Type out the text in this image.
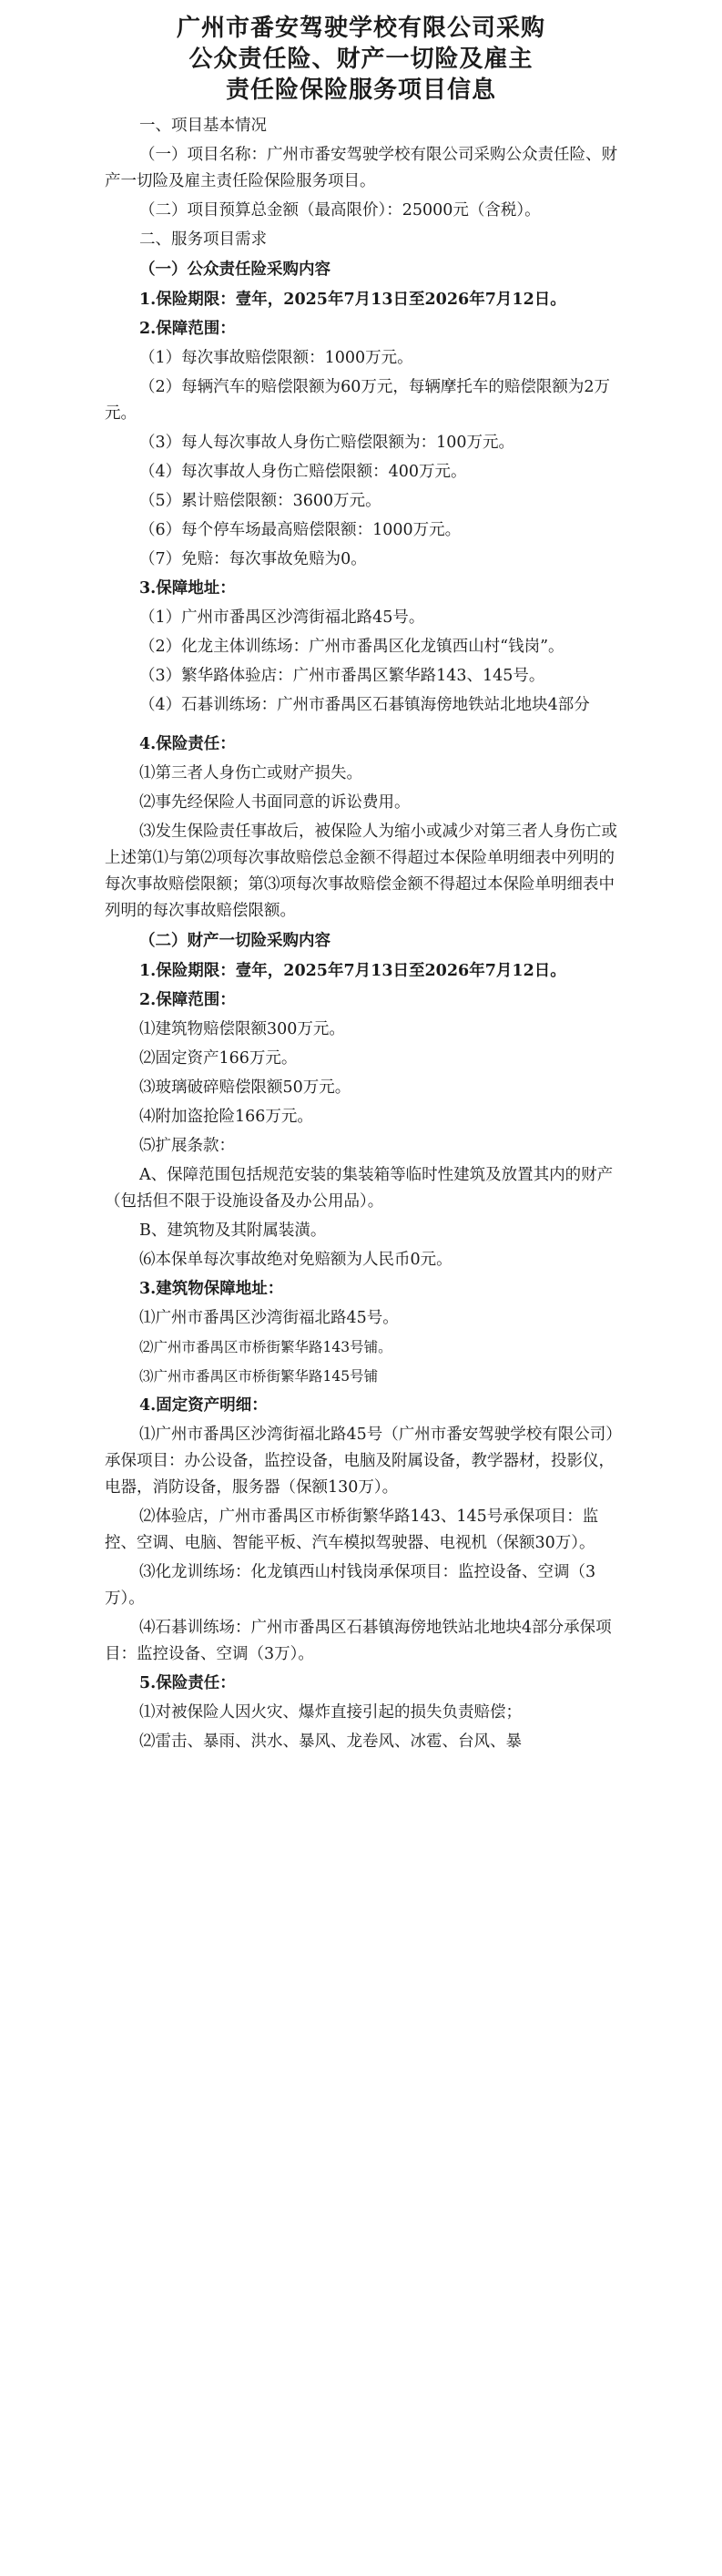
广州市番安驾驶学校有限公司采购
公众责任险、财产一切险及雇主
责任险保险服务项目信息
一、项目基本情况
（一）项目名称：广州市番安驾驶学校有限公司采购公众责任险、财产一切险及雇主责任险保险服务项目。
（二）项目预算总金额（最高限价）：25000元（含税）。
二、服务项目需求
（一）公众责任险采购内容
1.保险期限：壹年，2025年7月13日至2026年7月12日。
2.保障范围：
（1）每次事故赔偿限额：1000万元。
（2）每辆汽车的赔偿限额为60万元，每辆摩托车的赔偿限额为2万元。
（3）每人每次事故人身伤亡赔偿限额为：100万元。
（4）每次事故人身伤亡赔偿限额：400万元。
（5）累计赔偿限额：3600万元。
（6）每个停车场最高赔偿限额：1000万元。
（7）免赔：每次事故免赔为0。
3.保障地址：
（1）广州市番禺区沙湾街福北路45号。
（2）化龙主体训练场：广州市番禺区化龙镇西山村“钱岗”。
（3）繁华路体验店：广州市番禺区繁华路143、145号。
（4）石碁训练场：广州市番禺区石碁镇海傍地铁站北地块4部分
4.保险责任：
⑴第三者人身伤亡或财产损失。
⑵事先经保险人书面同意的诉讼费用。
⑶发生保险责任事故后，被保险人为缩小或减少对第三者人身伤亡或上述第⑴与第⑵项每次事故赔偿总金额不得超过本保险单明细表中列明的每次事故赔偿限额；第⑶项每次事故赔偿金额不得超过本保险单明细表中列明的每次事故赔偿限额。
（二）财产一切险采购内容
1.保险期限：壹年，2025年7月13日至2026年7月12日。
2.保障范围：
⑴建筑物赔偿限额300万元。
⑵固定资产166万元。
⑶玻璃破碎赔偿限额50万元。
⑷附加盗抢险166万元。
⑸扩展条款：
A、保障范围包括规范安装的集装箱等临时性建筑及放置其内的财产（包括但不限于设施设备及办公用品）。
B、建筑物及其附属装潢。
⑹本保单每次事故绝对免赔额为人民币0元。
3.建筑物保障地址：
⑴广州市番禺区沙湾街福北路45号。
⑵广州市番禺区市桥街繁华路143号铺。
⑶广州市番禺区市桥街繁华路145号铺
4.固定资产明细：
⑴广州市番禺区沙湾街福北路45号（广州市番安驾驶学校有限公司）承保项目：办公设备，监控设备，电脑及附属设备，教学器材，投影仪，电器，消防设备，服务器（保额130万）。
⑵体验店，广州市番禺区市桥街繁华路143、145号承保项目：监控、空调、电脑、智能平板、汽车模拟驾驶器、电视机（保额30万）。
⑶化龙训练场：化龙镇西山村钱岗承保项目：监控设备、空调（3万）。
⑷石碁训练场：广州市番禺区石碁镇海傍地铁站北地块4部分承保项目：监控设备、空调（3万）。
5.保险责任：
⑴对被保险人因火灾、爆炸直接引起的损失负责赔偿；
⑵雷击、暴雨、洪水、暴风、龙卷风、冰雹、台风、暴
